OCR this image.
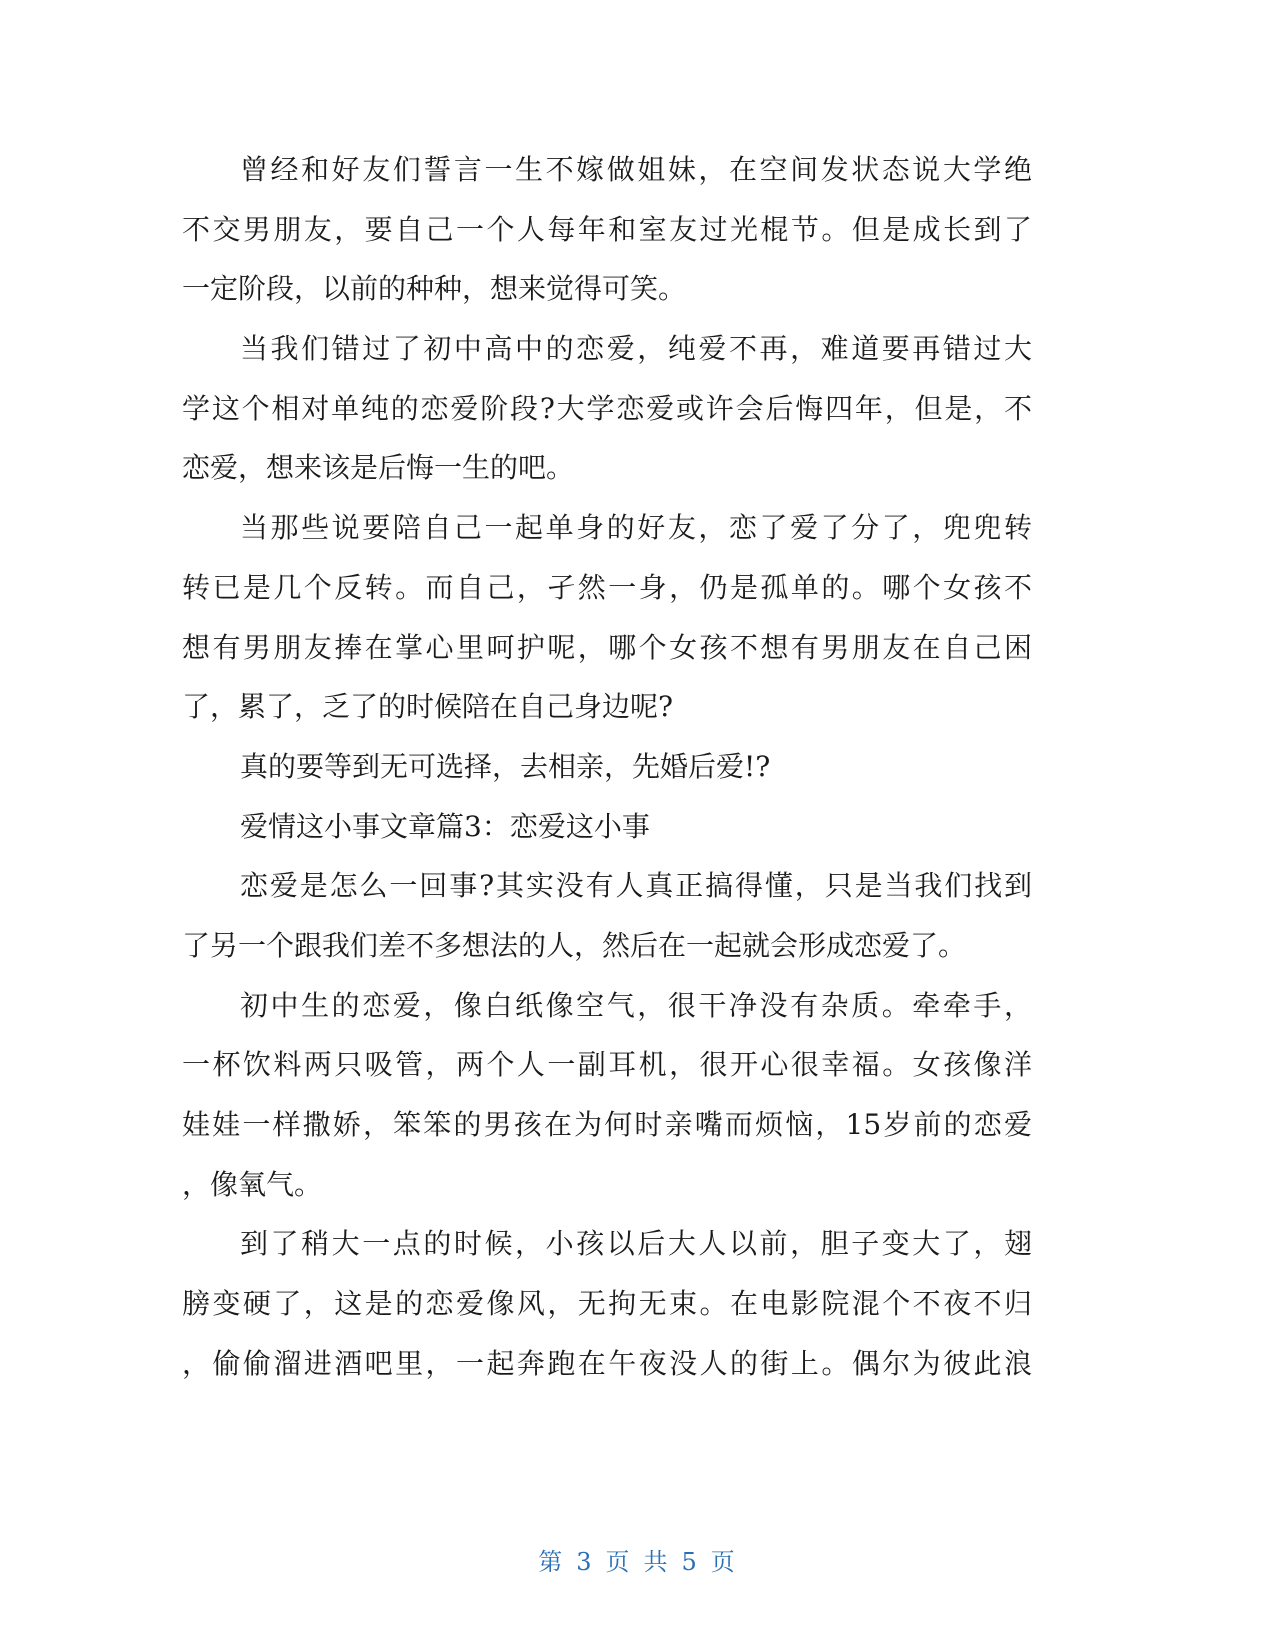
曾经和好友们誓言一生不嫁做姐妹，在空间发状态说大学绝
不交男朋友，要自己一个人每年和室友过光棍节。但是成长到了
一定阶段，以前的种种，想来觉得可笑。
当我们错过了初中高中的恋爱，纯爱不再，难道要再错过大
学这个相对单纯的恋爱阶段?大学恋爱或许会后悔四年，但是，不
恋爱，想来该是后悔一生的吧。
当那些说要陪自己一起单身的好友，恋了爱了分了，兜兜转
转已是几个反转。而自己，孑然一身，仍是孤单的。哪个女孩不
想有男朋友捧在掌心里呵护呢，哪个女孩不想有男朋友在自己困
了，累了，乏了的时候陪在自己身边呢?
真的要等到无可选择，去相亲，先婚后爱!?
爱情这小事文章篇3：恋爱这小事
恋爱是怎么一回事?其实没有人真正搞得懂，只是当我们找到
了另一个跟我们差不多想法的人，然后在一起就会形成恋爱了。
初中生的恋爱，像白纸像空气，很干净没有杂质。牵牵手，
一杯饮料两只吸管，两个人一副耳机，很开心很幸福。女孩像洋
娃娃一样撒娇，笨笨的男孩在为何时亲嘴而烦恼，15岁前的恋爱
，像氧气。
到了稍大一点的时候，小孩以后大人以前，胆子变大了，翅
膀变硬了，这是的恋爱像风，无拘无束。在电影院混个不夜不归
，偷偷溜进酒吧里，一起奔跑在午夜没人的街上。偶尔为彼此浪
第 3 页 共 5 页
